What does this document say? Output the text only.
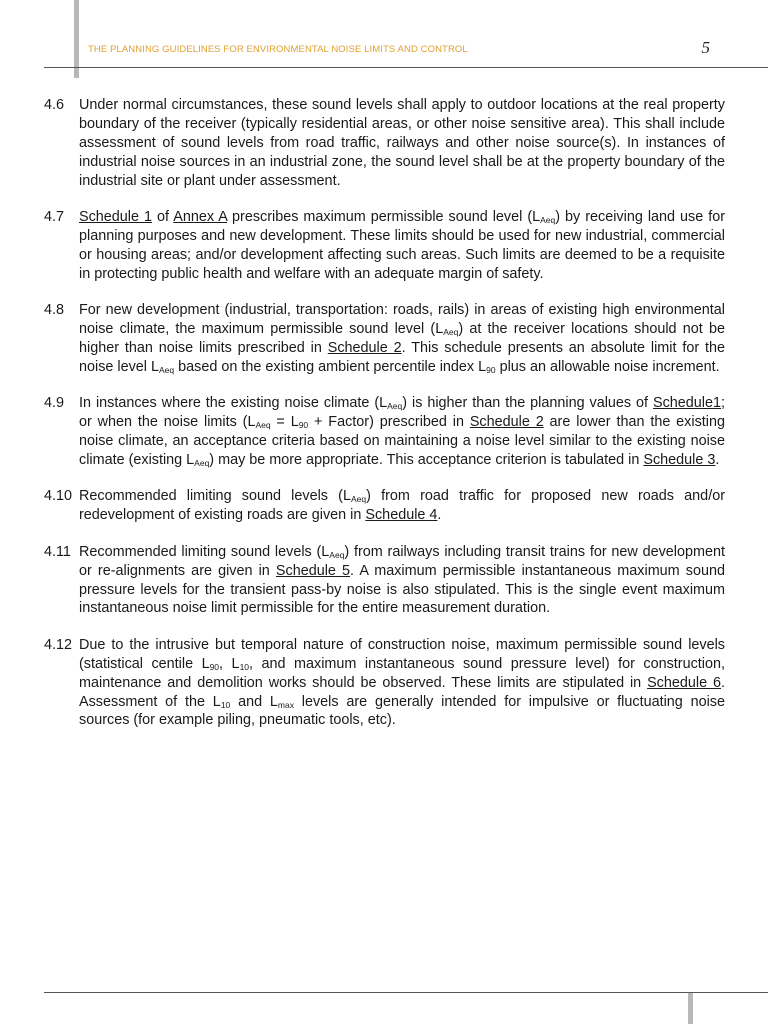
THE PLANNING GUIDELINES FOR ENVIRONMENTAL NOISE LIMITS AND CONTROL	5
4.6	Under normal circumstances, these sound levels shall apply to outdoor locations at the real property boundary of the receiver (typically residential areas, or other noise sensitive area). This shall include assessment of sound levels from road traffic, railways and other noise source(s). In instances of industrial noise sources in an industrial zone, the sound level shall be at the property boundary of the industrial site or plant under assessment.
4.7	Schedule 1 of Annex A prescribes maximum permissible sound level $(L_{Aeq})$ by receiving land use for planning purposes and new development. These limits should be used for new industrial, commercial or housing areas; and/or development affecting such areas. Such limits are deemed to be a requisite in protecting public health and welfare with an adequate margin of safety.
4.8	For new development (industrial, transportation: roads, rails) in areas of existing high environmental noise climate, the maximum permissible sound level $(L_{Aeq})$ at the receiver locations should not be higher than noise limits prescribed in Schedule 2. This schedule presents an absolute limit for the noise level $L_{Aeq}$ based on the existing ambient percentile index $L_{90}$ plus an allowable noise increment.
4.9	In instances where the existing noise climate $(L_{Aeq})$ is higher than the planning values of Schedule1; or when the noise limits ($L_{Aeq} = L_{90}$ + Factor) prescribed in Schedule 2 are lower than the existing noise climate, an acceptance criteria based on maintaining a noise level similar to the existing noise climate (existing $L_{Aeq}$) may be more appropriate. This acceptance criterion is tabulated in Schedule 3.
4.10 Recommended limiting sound levels $(L_{Aeq})$ from road traffic for proposed new roads and/or redevelopment of existing roads are given in Schedule 4.
4.11 Recommended limiting sound levels $(L_{Aeq})$ from railways including transit trains for new development or re-alignments are given in Schedule 5. A maximum permissible instantaneous maximum sound pressure levels for the transient pass-by noise is also stipulated. This is the single event maximum instantaneous noise limit permissible for the entire measurement duration.
4.12 Due to the intrusive but temporal nature of construction noise, maximum permissible sound levels (statistical centile $L_{90}$, $L_{10}$, and maximum instantaneous sound pressure level) for construction, maintenance and demolition works should be observed. These limits are stipulated in Schedule 6. Assessment of the $L_{10}$ and $L_{max}$ levels are generally intended for impulsive or fluctuating noise sources (for example piling, pneumatic tools, etc).
